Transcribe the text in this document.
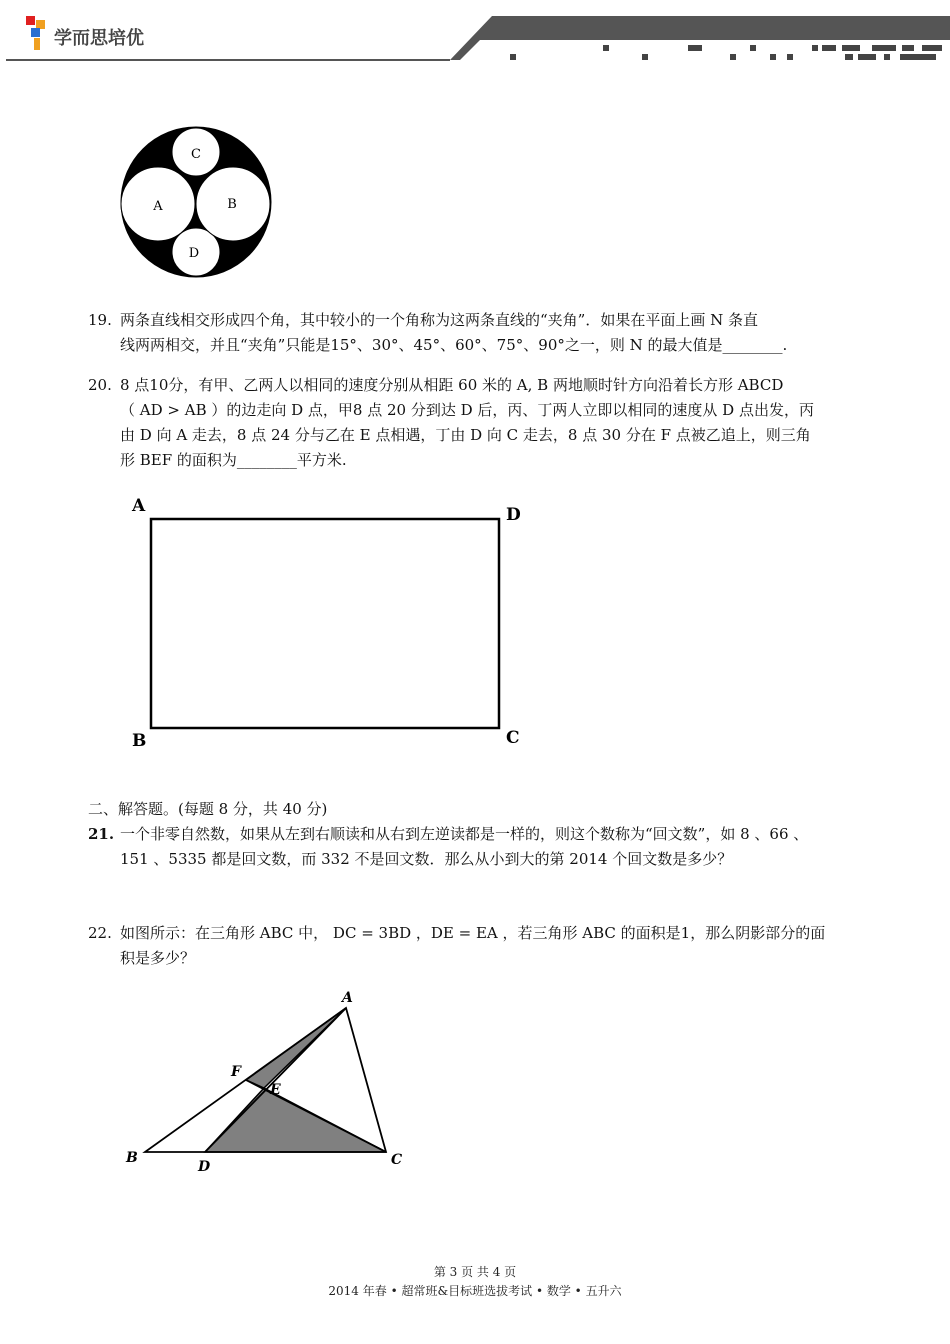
学而思培优
C
A	B
D
19. 两条直线相交形成四个角，其中较小的一个角称为这两条直线的“夹角”．如果在平面上画 N 条直
线两两相交，并且“夹角”只能是15°、30°、45°、60°、75°、90°之一，则 N 的最大值是________.
20. 8 点10分，有甲、乙两人以相同的速度分别从相距 60 米的 A, B 两地顺时针方向沿着长方形 ABCD
（ AD > AB ）的边走向 D 点，甲8 点 20 分到达 D 后，丙、丁两人立即以相同的速度从 D 点出发，丙
由 D 向 A 走去，8 点 24 分与乙在 E 点相遇，丁由 D 向 C 走去，8 点 30 分在 F 点被乙追上，则三角
形 BEF 的面积为________平方米.
A	D
B	C
二、解答题。(每题 8 分，共 40 分)
21. 一个非零自然数，如果从左到右顺读和从右到左逆读都是一样的，则这个数称为“回文数”，如 8 、66 、
151 、5335 都是回文数，而 332 不是回文数．那么从小到大的第 2014 个回文数是多少？
22. 如图所示：在三角形 ABC 中， DC = 3BD ，DE = EA ，若三角形 ABC 的面积是1，那么阴影部分的面
积是多少？
A
F
E
B
D	C
第 3 页 共 4 页
2014 年春 • 超常班&目标班选拔考试 • 数学 • 五升六
